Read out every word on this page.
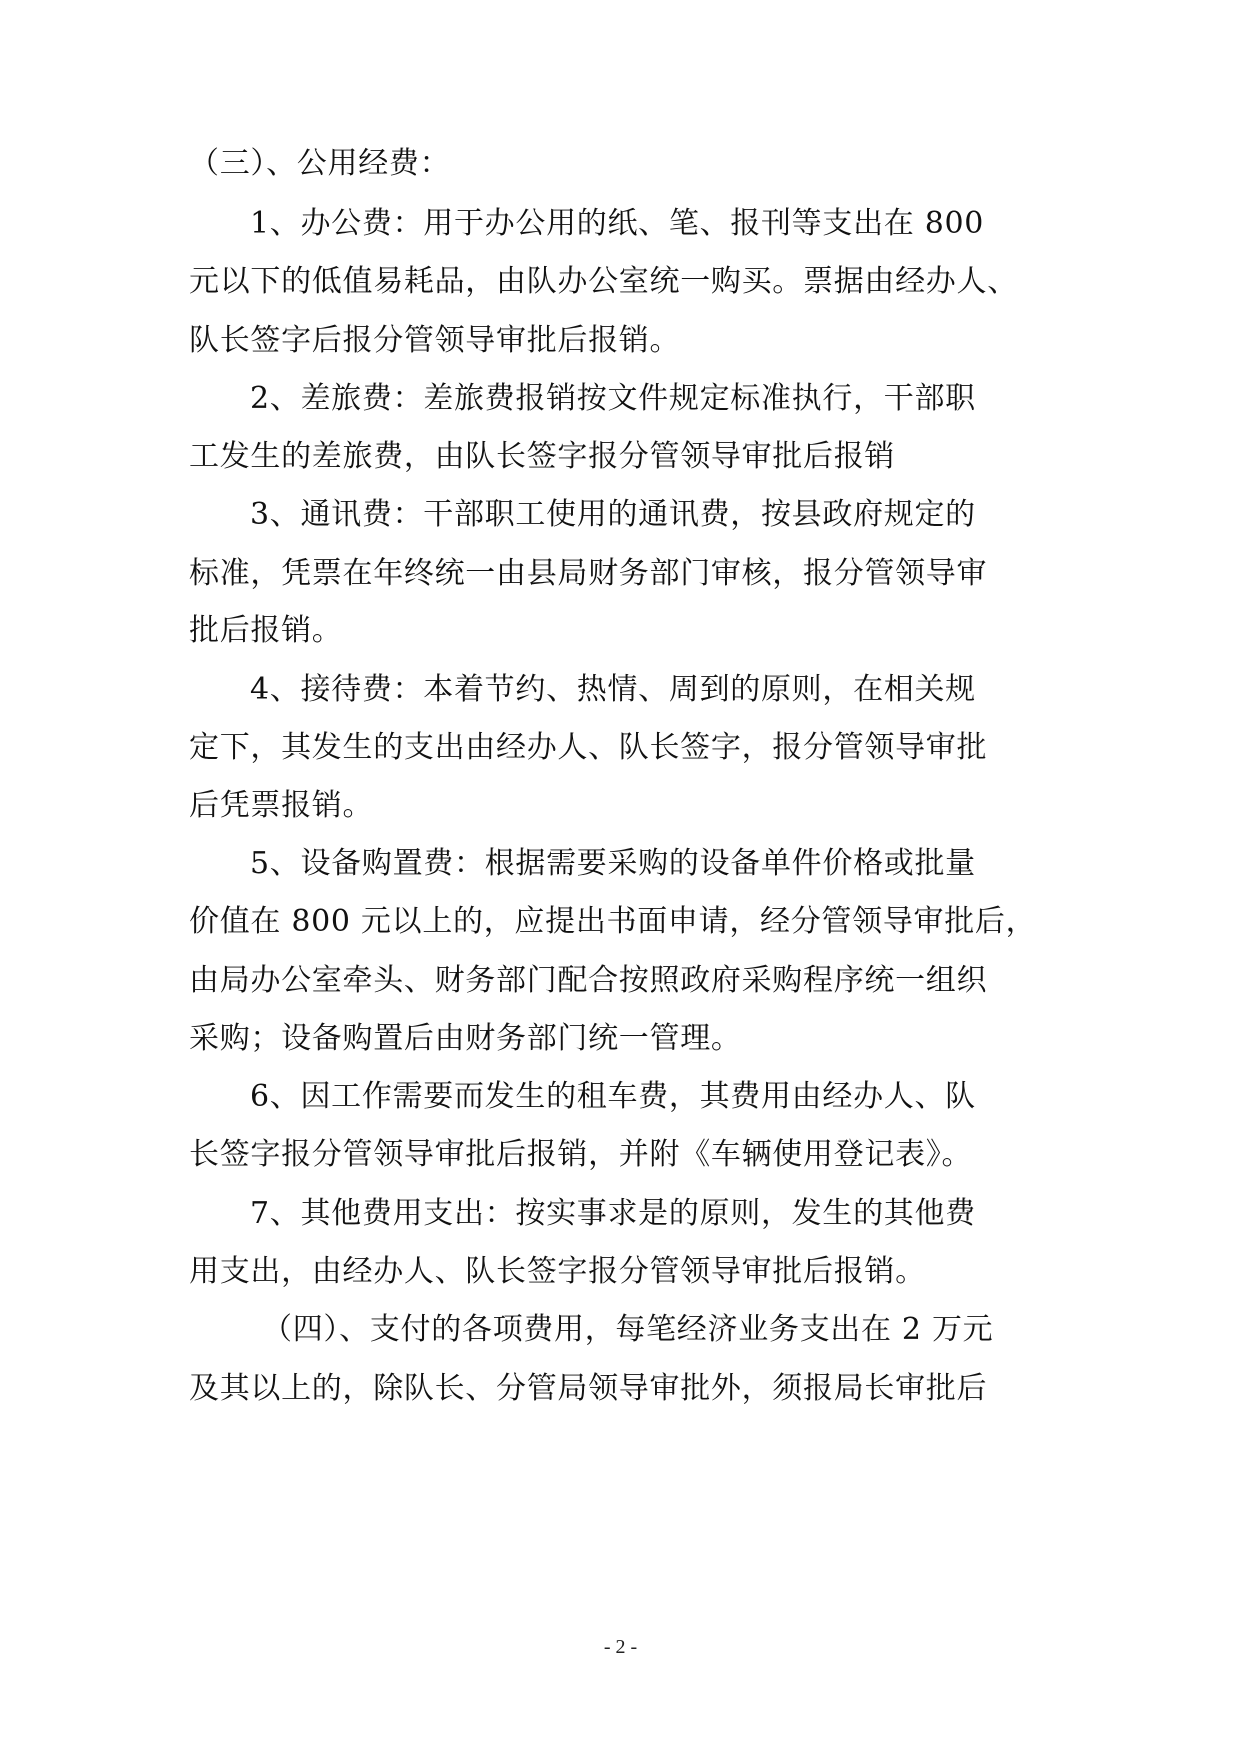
（三）、公用经费：
1、办公费：用于办公用的纸、笔、报刊等支出在 800
元以下的低值易耗品，由队办公室统一购买。票据由经办人、
队长签字后报分管领导审批后报销。
2、差旅费：差旅费报销按文件规定标准执行，干部职
工发生的差旅费，由队长签字报分管领导审批后报销
3、通讯费：干部职工使用的通讯费，按县政府规定的
标准，凭票在年终统一由县局财务部门审核，报分管领导审
批后报销。
4、接待费：本着节约、热情、周到的原则，在相关规
定下，其发生的支出由经办人、队长签字，报分管领导审批
后凭票报销。
5、设备购置费：根据需要采购的设备单件价格或批量
价值在 800 元以上的，应提出书面申请，经分管领导审批后，
由局办公室牵头、财务部门配合按照政府采购程序统一组织
采购；设备购置后由财务部门统一管理。
6、因工作需要而发生的租车费，其费用由经办人、队
长签字报分管领导审批后报销，并附《车辆使用登记表》。
7、其他费用支出：按实事求是的原则，发生的其他费
用支出，由经办人、队长签字报分管领导审批后报销。
（四）、支付的各项费用，每笔经济业务支出在 2 万元
及其以上的，除队长、分管局领导审批外，须报局长审批后
- 2 -
